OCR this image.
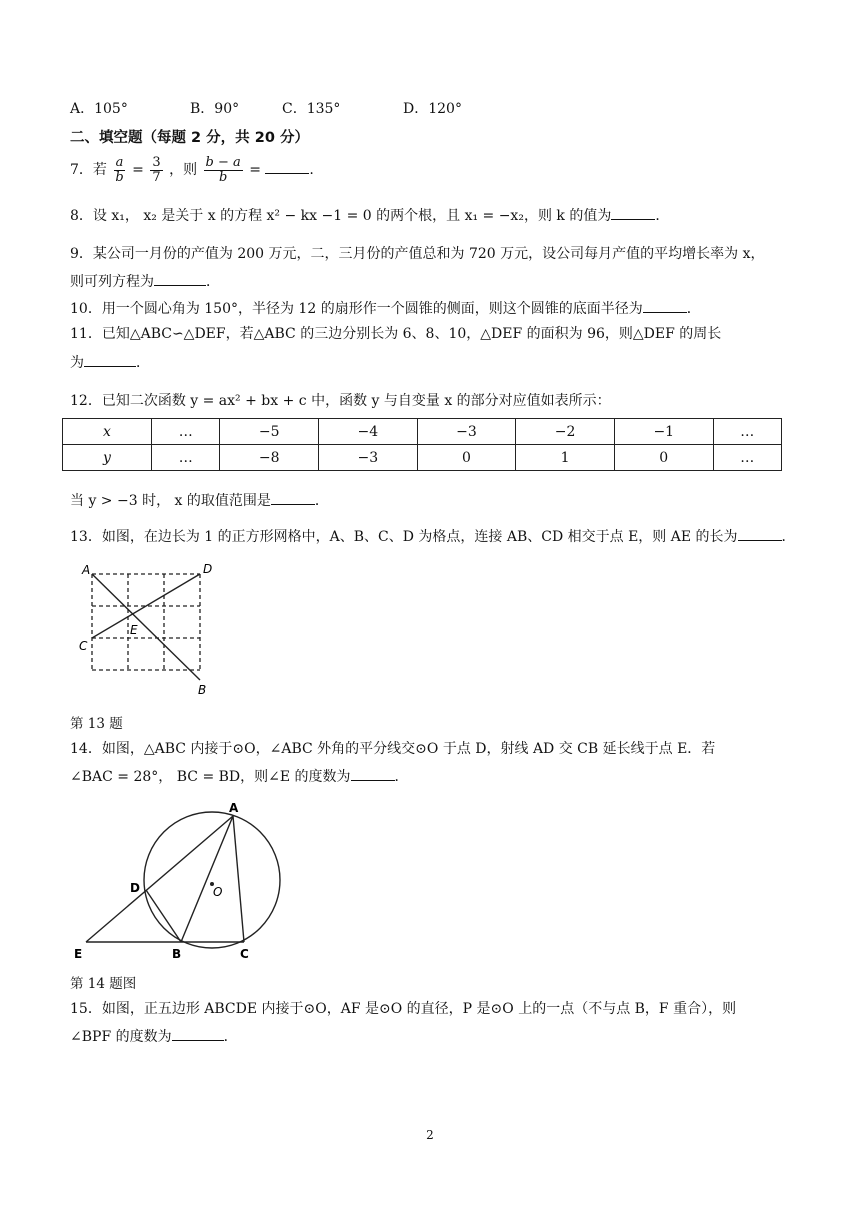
A．105°	B．90°	C．135°	D．120°
二、填空题（每题 2 分，共 20 分）
7．若 $\frac{a}{b} = \frac{3}{7}$ ，则 $\frac{b - a}{b}$ =	.
8．设 x₁， x₂ 是关于 x 的方程 x² − kx −1 = 0 的两个根，且 x₁ = −x₂，则 k 的值为	．
9．某公司一月份的产值为 200 万元，二，三月份的产值总和为 720 万元，设公司每月产值的平均增长率为 x，
则可列方程为	．
10．用一个圆心角为 150°，半径为 12 的扇形作一个圆锥的侧面，则这个圆锥的底面半径为	．
11．已知△ABC∽△DEF，若△ABC 的三边分别长为 6、8、10，△DEF 的面积为 96，则△DEF 的周长
为	．
12．已知二次函数 y = ax² + bx + c 中，函数 y 与自变量 x 的部分对应值如表所示：
x	…	−5	−4	−3	−2	−1	…
y	…	−8	−3	0	1	0	…
当 y > −3 时， x 的取值范围是	．
13．如图，在边长为 1 的正方形网格中，A、B、C、D 为格点，连接 AB、CD 相交于点 E，则 AE 的长为	．
A	D
C
E
B
第 13 题
14．如图，△ABC 内接于⊙O，∠ABC 外角的平分线交⊙O 于点 D，射线 AD 交 CB 延长线于点 E．若
∠BAC = 28°， BC = BD，则∠E 的度数为	．
A
D	O
E	B	C
第 14 题图
15．如图，正五边形 ABCDE 内接于⊙O，AF 是⊙O 的直径，P 是⊙O 上的一点（不与点 B，F 重合），则
∠BPF 的度数为	．
2
